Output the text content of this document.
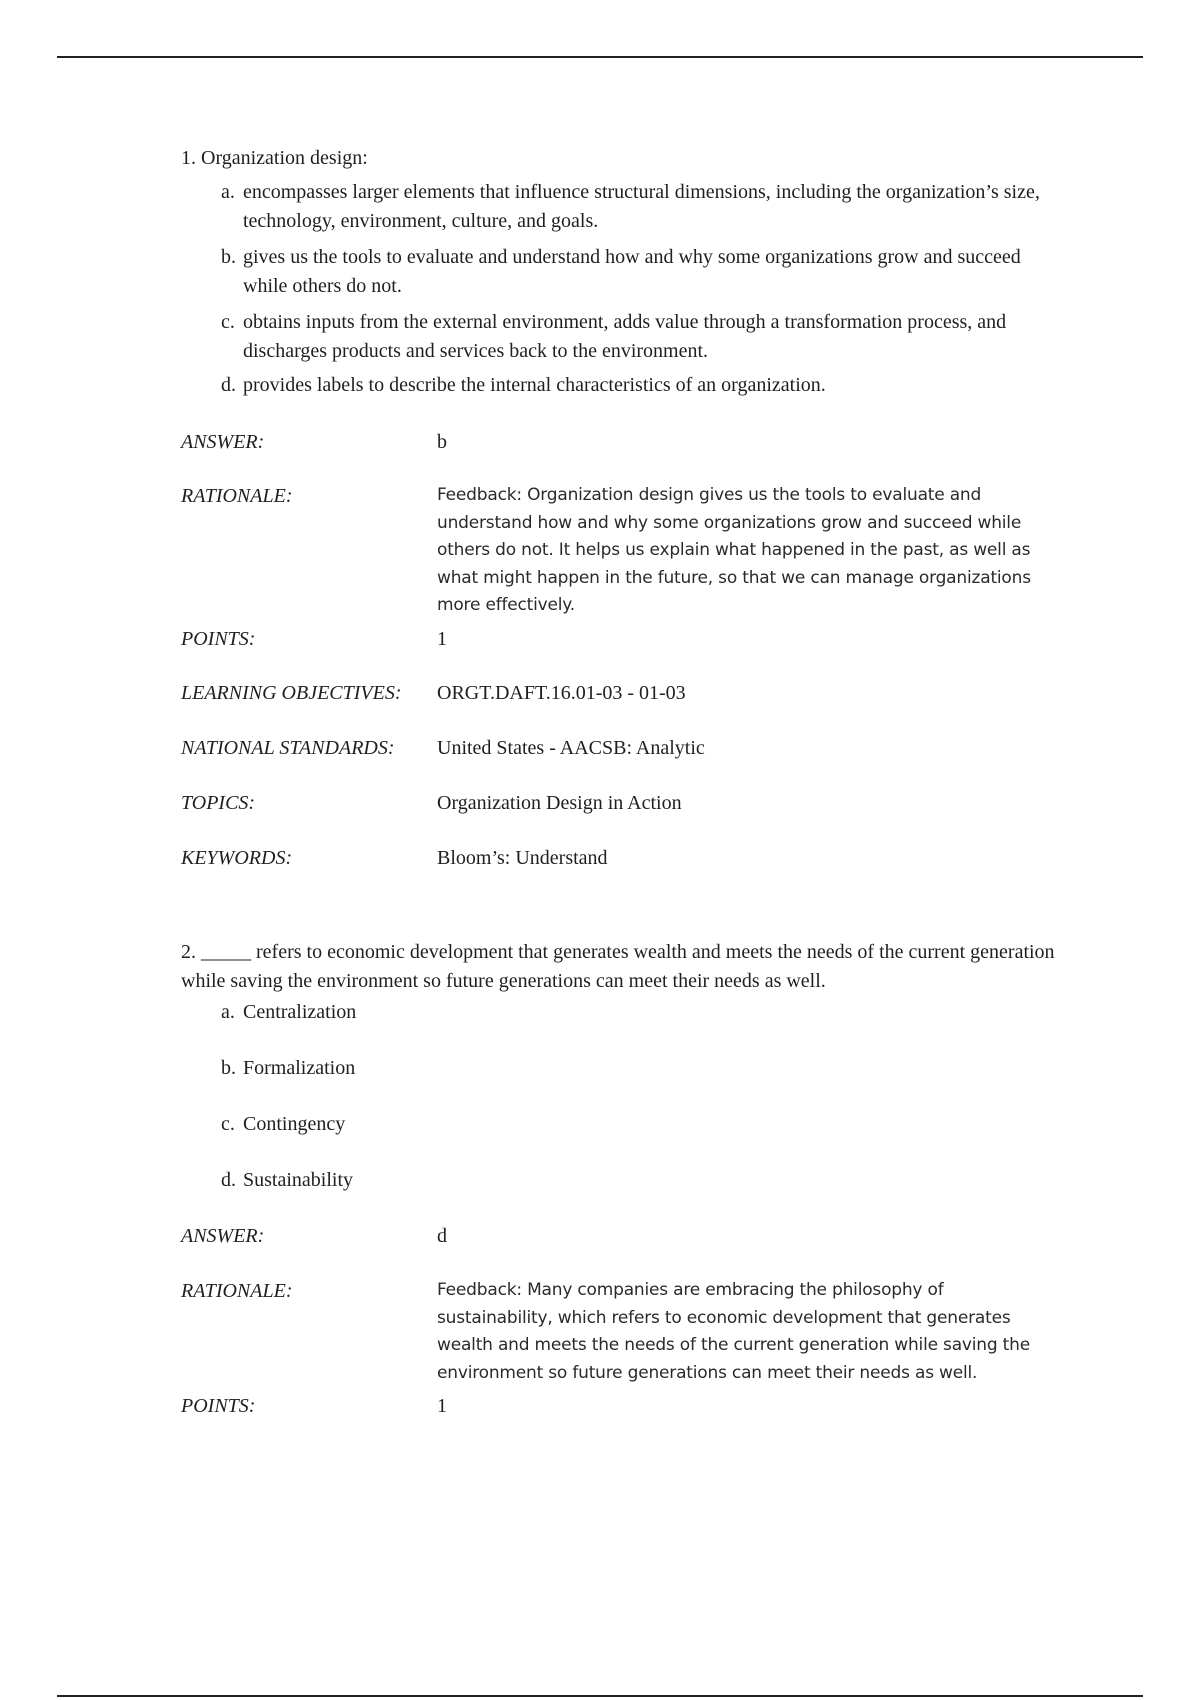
1. Organization design:

a. encompasses larger elements that influence structural dimensions, including the organization’s size, technology, environment, culture, and goals.
b. gives us the tools to evaluate and understand how and why some organizations grow and succeed while others do not.
c. obtains inputs from the external environment, adds value through a transformation process, and discharges products and services back to the environment.
d. provides labels to describe the internal characteristics of an organization.
ANSWER:	b
RATIONALE:	Feedback: Organization design gives us the tools to evaluate and understand how and why some organizations grow and succeed while others do not. It helps us explain what happened in the past, as well as what might happen in the future, so that we can manage organizations more effectively.
POINTS:	1
LEARNING OBJECTIVES: ORGT.DAFT.16.01-03 - 01-03
NATIONAL STANDARDS: United States - AACSB: Analytic
TOPICS:	Organization Design in Action
KEYWORDS:	Bloom’s: Understand

2. _____ refers to economic development that generates wealth and meets the needs of the current generation while saving the environment so future generations can meet their needs as well.

a. Centralization
b. Formalization
c. Contingency
d. Sustainability
ANSWER:	d
RATIONALE:	Feedback: Many companies are embracing the philosophy of sustainability, which refers to economic development that generates wealth and meets the needs of the current generation while saving the environment so future generations can meet their needs as well.
POINTS:	1
